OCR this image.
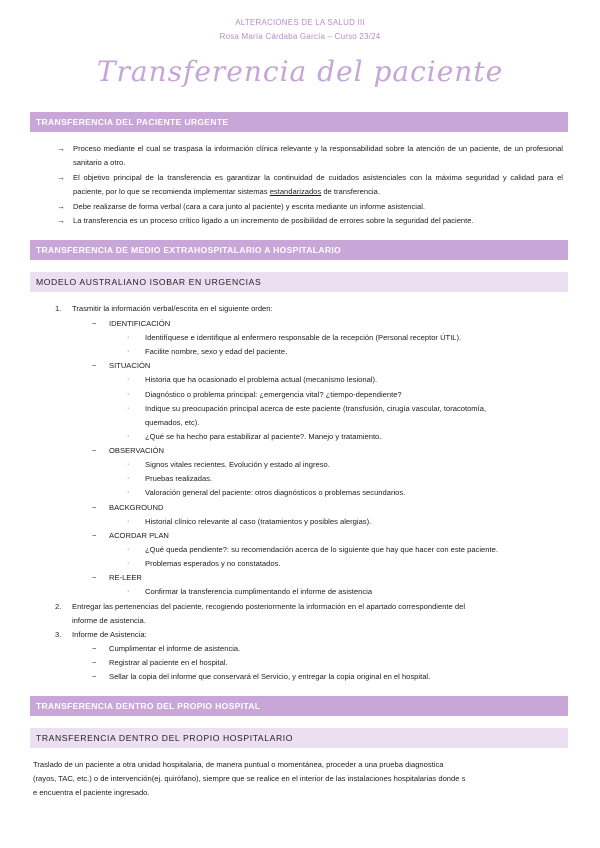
ALTERACIONES DE LA SALUD III
Rosa María Cárdaba García – Curso 23/24
Transferencia del paciente
TRANSFERENCIA DEL PACIENTE URGENTE
→ Proceso mediante el cual se traspasa la información clínica relevante y la responsabilidad sobre la atención de un paciente, de un profesional sanitario a otro.
→ El objetivo principal de la transferencia es garantizar la continuidad de cuidados asistenciales con la máxima seguridad y calidad para el paciente, por lo que se recomienda implementar sistemas estandarizados de transferencia.
→ Debe realizarse de forma verbal (cara a cara junto al paciente) y escrita mediante un informe asistencial.
→ La transferencia es un proceso crítico ligado a un incremento de posibilidad de errores sobre la seguridad del paciente.
TRANSFERENCIA DE MEDIO EXTRAHOSPITALARIO A HOSPITALARIO
MODELO AUSTRALIANO ISOBAR EN URGENCIAS
1. Trasmitir la información verbal/escrita en el siguiente orden:
− IDENTIFICACIÓN
· Identifíquese e identifique al enfermero responsable de la recepción (Personal receptor ÚTIL).
· Facilite nombre, sexo y edad del paciente.
− SITUACIÓN
· Historia que ha ocasionado el problema actual (mecanismo lesional).
· Diagnóstico o problema principal: ¿emergencia vital? ¿tiempo-dependiente?
· Indique su preocupación principal acerca de este paciente (transfusión, cirugía vascular, toracotomía,
quemados, etc).
· ¿Qué se ha hecho para estabilizar al paciente?. Manejo y tratamiento.
− OBSERVACIÓN
· Signos vitales recientes. Evolución y estado al ingreso.
· Pruebas realizadas.
· Valoración general del paciente: otros diagnósticos o problemas secundarios.
− BACKGROUND
· Historial clínico relevante al caso (tratamientos y posibles alergias).
− ACORDAR PLAN
· ¿Qué queda pendiente?: su recomendación acerca de lo siguiente que hay que hacer con este paciente.
· Problemas esperados y no constatados.
− RE-LEER
· Confirmar la transferencia cumplimentando el informe de asistencia
2. Entregar las pertenencias del paciente, recogiendo posteriormente la información en el apartado correspondiente del
informe de asistencia.
3. Informe de Asistencia:
− Cumplimentar el informe de asistencia.
− Registrar al paciente en el hospital.
− Sellar la copia del informe que conservará el Servicio, y entregar la copia original en el hospital.
TRANSFERENCIA DENTRO DEL PROPIO HOSPITAL
TRANSFERENCIA DENTRO DEL PROPIO HOSPITALARIO
Traslado de un paciente a otra unidad hospitalaria, de manera puntual o momentánea, proceder a una prueba diagnostica
(rayos, TAC, etc.) o de intervención(ej. quirófano), siempre que se realice en el interior de las instalaciones hospitalarias donde s
e encuentra el paciente ingresado.
